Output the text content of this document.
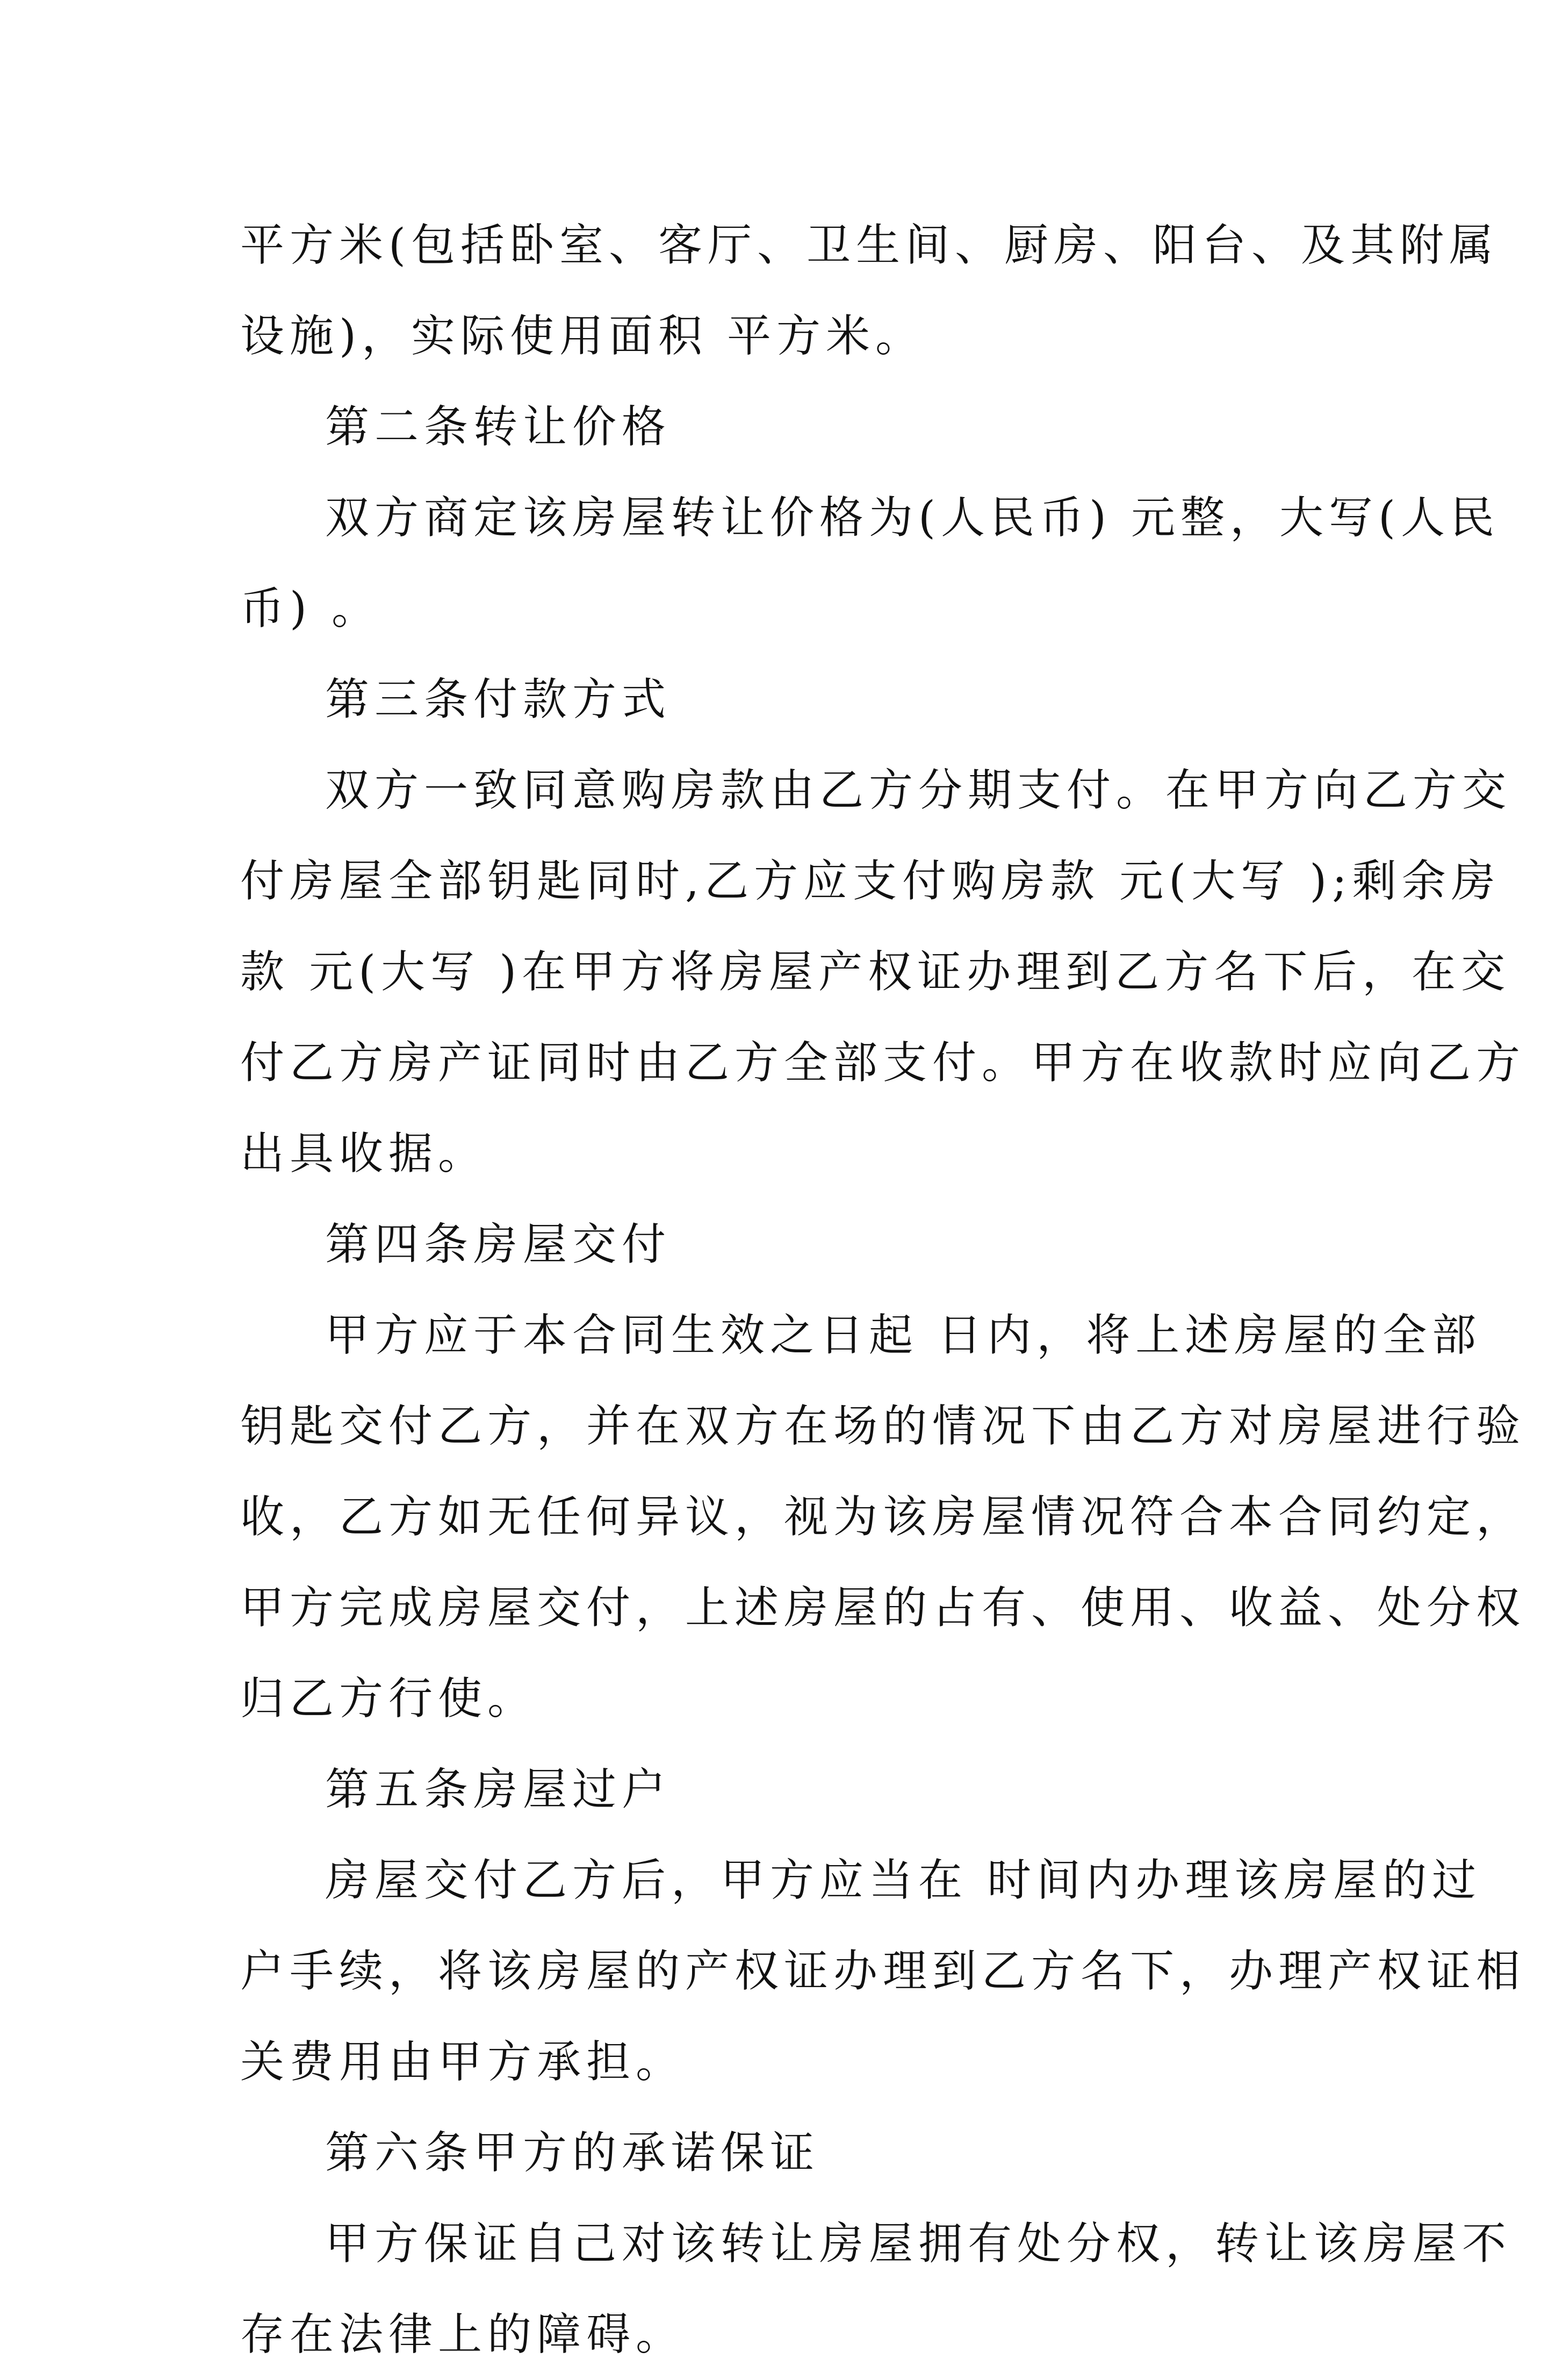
平方米(包括卧室、客厅、卫生间、厨房、阳台、及其附属
设施)，实际使用面积 平方米。
第二条转让价格
双方商定该房屋转让价格为(人民币) 元整，大写(人民
币) 。
第三条付款方式
双方一致同意购房款由乙方分期支付。在甲方向乙方交
付房屋全部钥匙同时,乙方应支付购房款 元(大写 );剩余房
款 元(大写 )在甲方将房屋产权证办理到乙方名下后，在交
付乙方房产证同时由乙方全部支付。甲方在收款时应向乙方
出具收据。
第四条房屋交付
甲方应于本合同生效之日起 日内，将上述房屋的全部
钥匙交付乙方，并在双方在场的情况下由乙方对房屋进行验
收，乙方如无任何异议，视为该房屋情况符合本合同约定，
甲方完成房屋交付，上述房屋的占有、使用、收益、处分权
归乙方行使。
第五条房屋过户
房屋交付乙方后，甲方应当在 时间内办理该房屋的过
户手续，将该房屋的产权证办理到乙方名下，办理产权证相
关费用由甲方承担。
第六条甲方的承诺保证
甲方保证自己对该转让房屋拥有处分权，转让该房屋不
存在法律上的障碍。
